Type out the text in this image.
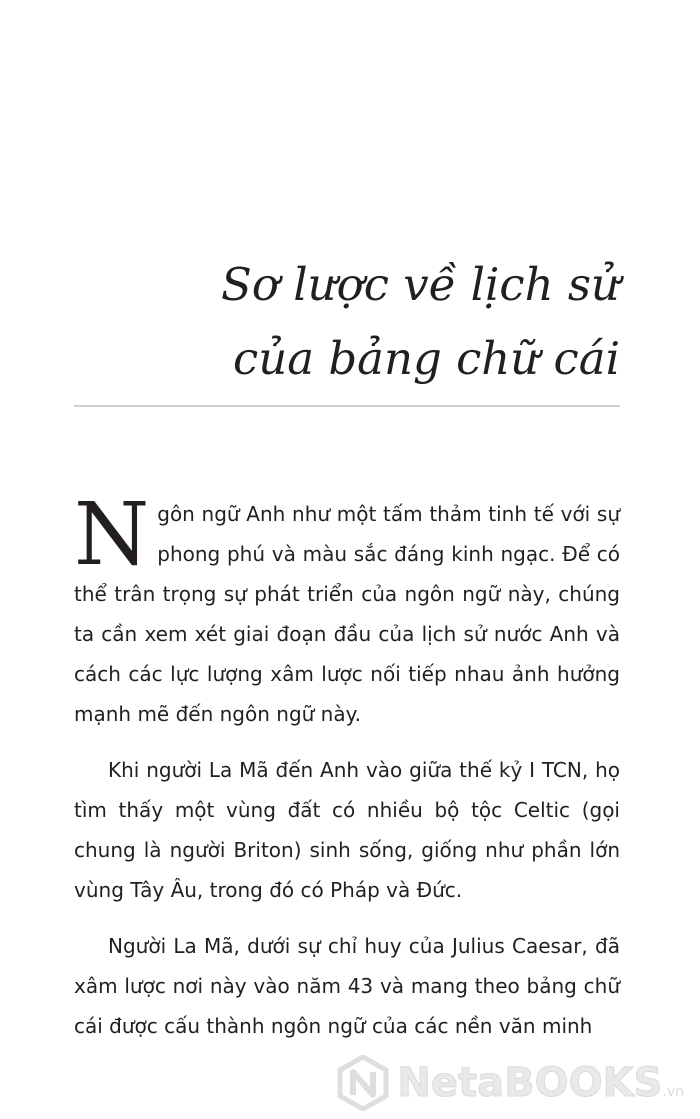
Sơ lược về lịch sử
của bảng chữ cái

Ngôn ngữ Anh như một tấm thảm tinh tế với sự phong phú và màu sắc đáng kinh ngạc. Để có thể trân trọng sự phát triển của ngôn ngữ này, chúng ta cần xem xét giai đoạn đầu của lịch sử nước Anh và cách các lực lượng xâm lược nối tiếp nhau ảnh hưởng mạnh mẽ đến ngôn ngữ này.

Khi người La Mã đến Anh vào giữa thế kỷ I TCN, họ tìm thấy một vùng đất có nhiều bộ tộc Celtic (gọi chung là người Briton) sinh sống, giống như phần lớn vùng Tây Âu, trong đó có Pháp và Đức.

Người La Mã, dưới sự chỉ huy của Julius Caesar, đã xâm lược nơi này vào năm 43 và mang theo bảng chữ cái được cấu thành ngôn ngữ của các nền văn minh

NetaBOOKS.vn
